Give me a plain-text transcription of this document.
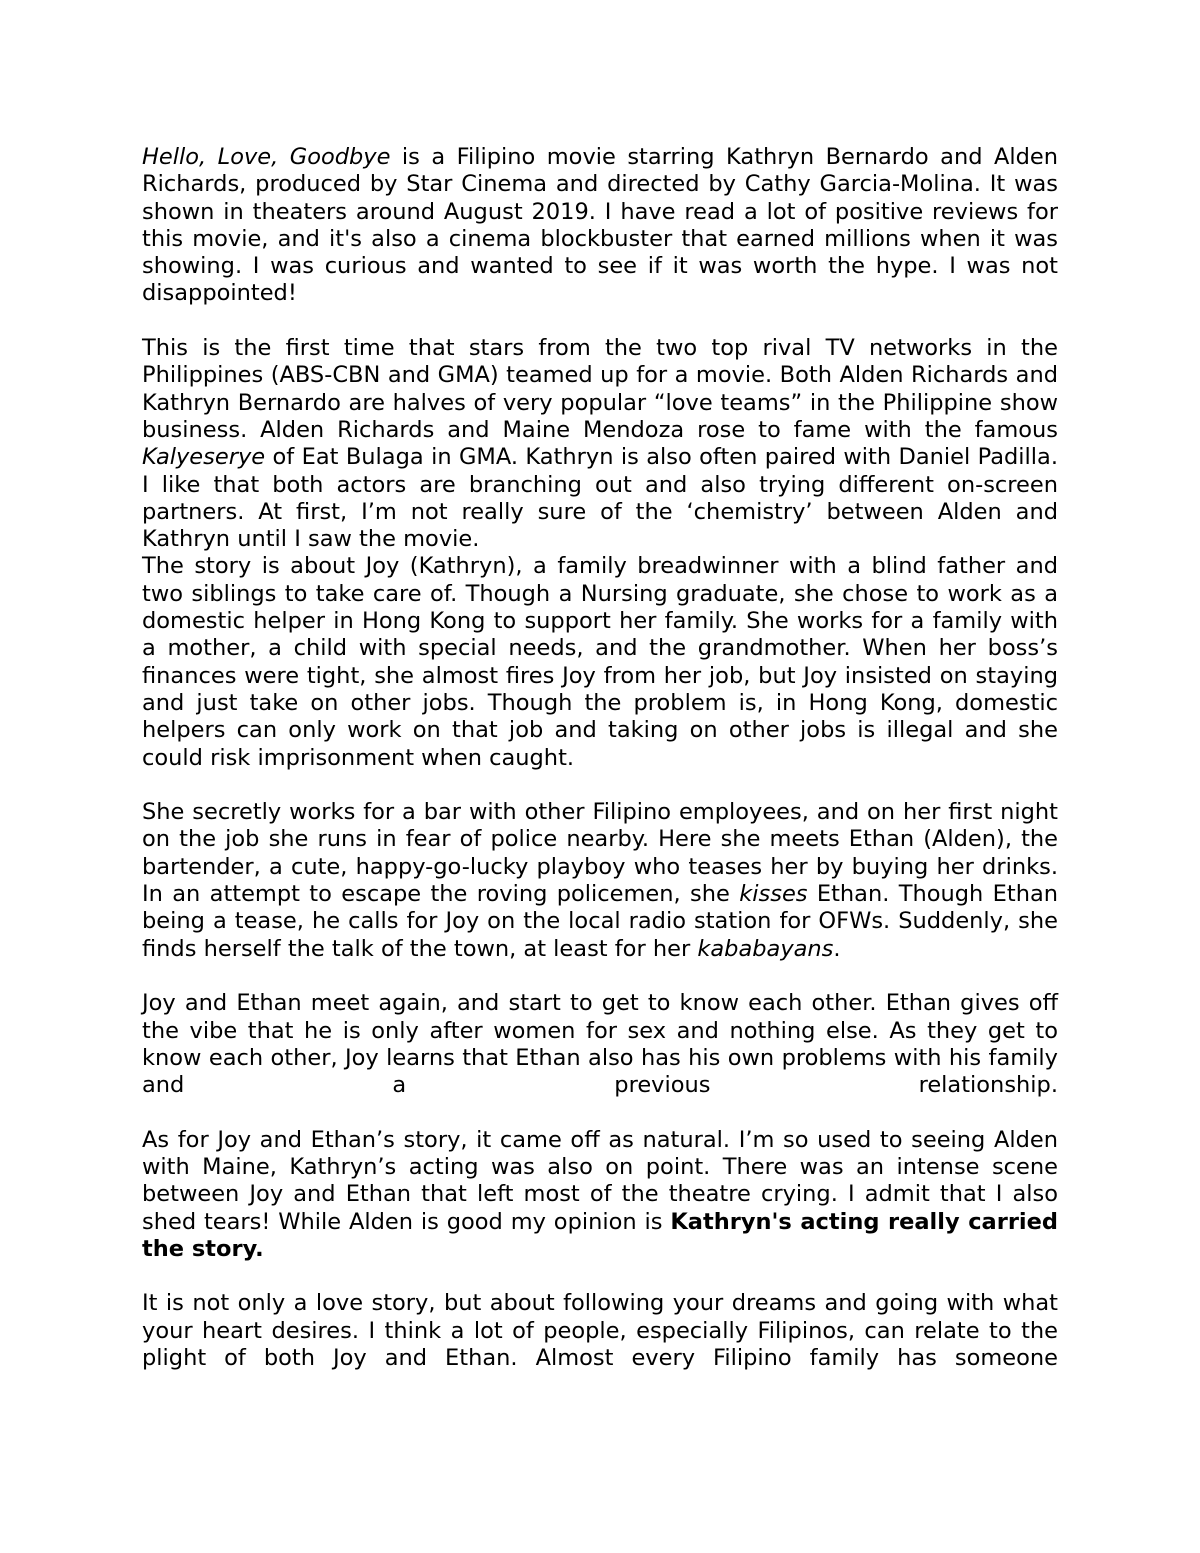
Hello, Love, Goodbye is a Filipino movie starring Kathryn Bernardo and Alden Richards, produced by Star Cinema and directed by Cathy Garcia-Molina. It was shown in theaters around August 2019. I have read a lot of positive reviews for this movie, and it's also a cinema blockbuster that earned millions when it was showing. I was curious and wanted to see if it was worth the hype. I was not disappointed!

This is the first time that stars from the two top rival TV networks in the Philippines (ABS-CBN and GMA) teamed up for a movie. Both Alden Richards and Kathryn Bernardo are halves of very popular “love teams” in the Philippine show business. Alden Richards and Maine Mendoza rose to fame with the famous Kalyeserye of Eat Bulaga in GMA. Kathryn is also often paired with Daniel Padilla. I like that both actors are branching out and also trying different on-screen partners. At first, I’m not really sure of the ‘chemistry’ between Alden and Kathryn until I saw the movie.

The story is about Joy (Kathryn), a family breadwinner with a blind father and two siblings to take care of. Though a Nursing graduate, she chose to work as a domestic helper in Hong Kong to support her family. She works for a family with a mother, a child with special needs, and the grandmother. When her boss’s finances were tight, she almost fires Joy from her job, but Joy insisted on staying and just take on other jobs. Though the problem is, in Hong Kong, domestic helpers can only work on that job and taking on other jobs is illegal and she could risk imprisonment when caught.

She secretly works for a bar with other Filipino employees, and on her first night on the job she runs in fear of police nearby. Here she meets Ethan (Alden), the bartender, a cute, happy-go-lucky playboy who teases her by buying her drinks. In an attempt to escape the roving policemen, she kisses Ethan. Though Ethan being a tease, he calls for Joy on the local radio station for OFWs. Suddenly, she finds herself the talk of the town, at least for her kababayans.

Joy and Ethan meet again, and start to get to know each other. Ethan gives off the vibe that he is only after women for sex and nothing else. As they get to know each other, Joy learns that Ethan also has his own problems with his family and a previous relationship.

As for Joy and Ethan’s story, it came off as natural. I’m so used to seeing Alden with Maine, Kathryn’s acting was also on point. There was an intense scene between Joy and Ethan that left most of the theatre crying. I admit that I also shed tears! While Alden is good my opinion is Kathryn's acting really carried the story.

It is not only a love story, but about following your dreams and going with what your heart desires. I think a lot of people, especially Filipinos, can relate to the plight of both Joy and Ethan. Almost every Filipino family has someone
